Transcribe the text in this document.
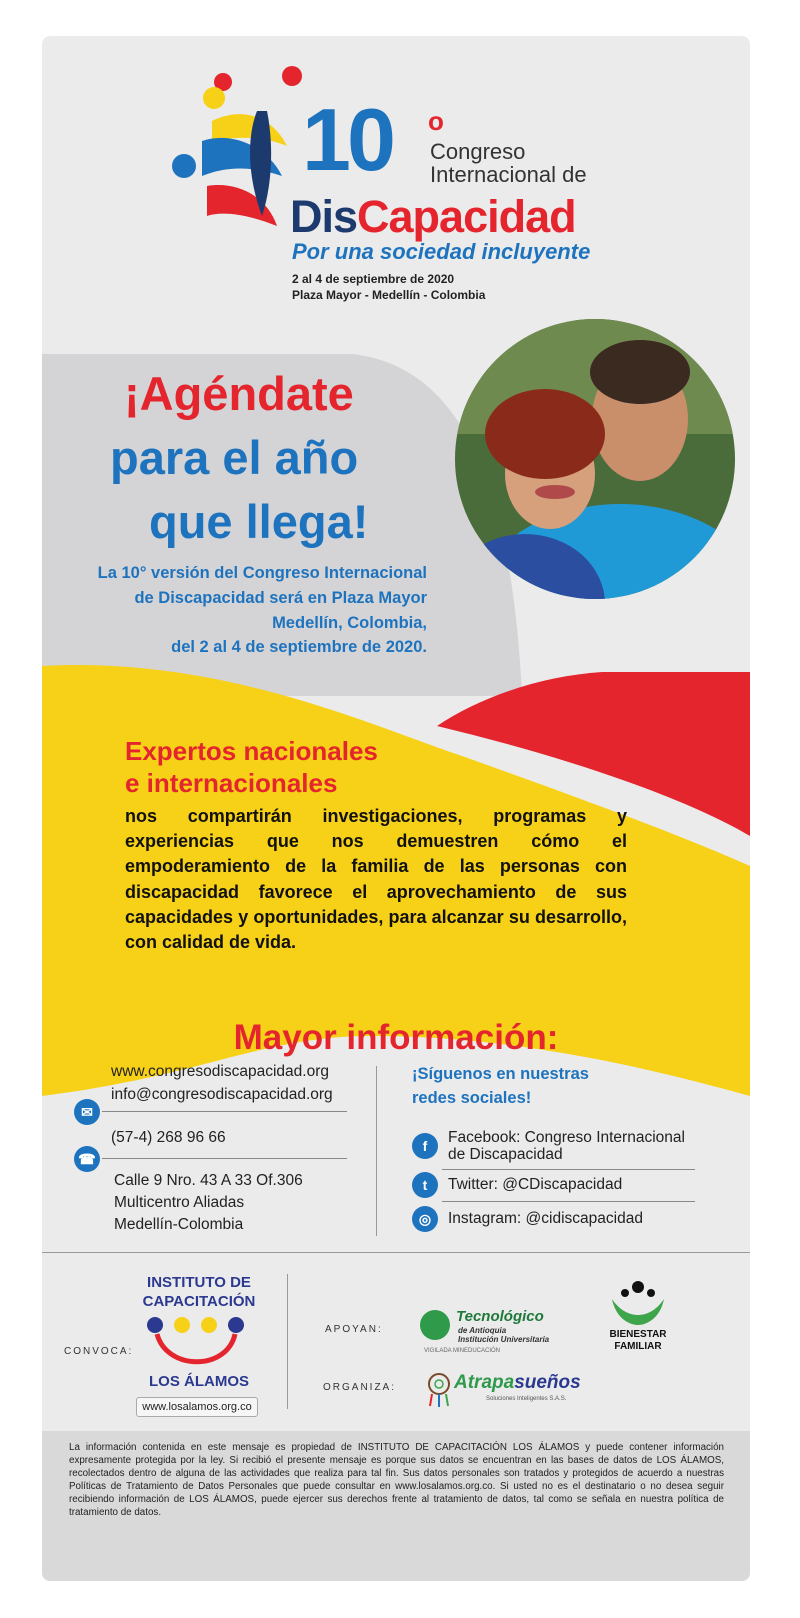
10 o
Congreso
Internacional de
DisCapacidad
Por una sociedad incluyente
2 al 4 de septiembre de 2020
Plaza Mayor - Medellín - Colombia
¡Agéndate
para el año
que llega!
La 10° versión del Congreso Internacional
de Discapacidad será en Plaza Mayor
Medellín, Colombia,
del 2 al 4 de septiembre de 2020.
Expertos nacionales
e internacionales
nos compartirán investigaciones, programas y experiencias que nos demuestren cómo el empoderamiento de la familia de las personas con discapacidad favorece el aprovechamiento de sus capacidades y oportunidades, para alcanzar su desarrollo, con calidad de vida.
Mayor información:
www.congresodiscapacidad.org
info@congresodiscapacidad.org
✉
(57-4) 268 96 66
☎
Calle 9 Nro. 43 A 33 Of.306
Multicentro Aliadas
Medellín-Colombia
¡Síguenos en nuestras
redes sociales!
f	Facebook: Congreso Internacional
de Discapacidad
t	Twitter: @CDiscapacidad
◎	Instagram: @cidiscapacidad
CONVOCA:
INSTITUTO DE
CAPACITACIÓN
LOS ÁLAMOS
www.losalamos.org.co
APOYAN:
ORGANIZA:
Tecnológico
de Antioquia
Institución Universitaria
VIGILADA MINEDUCACIÓN
BIENESTAR
FAMILIAR
Atrapasueños
Soluciones Inteligentes S.A.S.
La información contenida en este mensaje es propiedad de INSTITUTO DE CAPACITACIÓN LOS ÁLAMOS y puede contener información expresamente protegida por la ley. Si recibió el presente mensaje es porque sus datos se encuentran en las bases de datos de LOS ÁLAMOS, recolectados dentro de alguna de las actividades que realiza para tal fin. Sus datos personales son tratados y protegidos de acuerdo a nuestras Políticas de Tratamiento de Datos Personales que puede consultar en www.losalamos.org.co. Si usted no es el destinatario o no desea seguir recibiendo información de LOS ÁLAMOS, puede ejercer sus derechos frente al tratamiento de datos, tal como se señala en nuestra política de tratamiento de datos.
